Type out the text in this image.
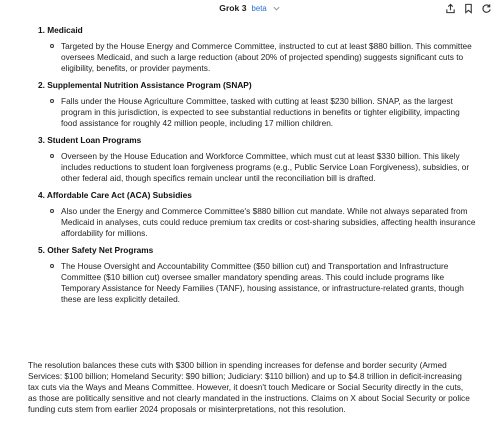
Grok 3 beta
1. Medicaid
Targeted by the House Energy and Commerce Committee, instructed to cut at least $880 billion. This committee oversees Medicaid, and such a large reduction (about 20% of projected spending) suggests significant cuts to eligibility, benefits, or provider payments.
2. Supplemental Nutrition Assistance Program (SNAP)
Falls under the House Agriculture Committee, tasked with cutting at least $230 billion. SNAP, as the largest program in this jurisdiction, is expected to see substantial reductions in benefits or tighter eligibility, impacting food assistance for roughly 42 million people, including 17 million children.
3. Student Loan Programs
Overseen by the House Education and Workforce Committee, which must cut at least $330 billion. This likely includes reductions to student loan forgiveness programs (e.g., Public Service Loan Forgiveness), subsidies, or other federal aid, though specifics remain unclear until the reconciliation bill is drafted.
4. Affordable Care Act (ACA) Subsidies
Also under the Energy and Commerce Committee's $880 billion cut mandate. While not always separated from Medicaid in analyses, cuts could reduce premium tax credits or cost-sharing subsidies, affecting health insurance affordability for millions.
5. Other Safety Net Programs
The House Oversight and Accountability Committee ($50 billion cut) and Transportation and Infrastructure Committee ($10 billion cut) oversee smaller mandatory spending areas. This could include programs like Temporary Assistance for Needy Families (TANF), housing assistance, or infrastructure-related grants, though these are less explicitly detailed.
The resolution balances these cuts with $300 billion in spending increases for defense and border security (Armed Services: $100 billion; Homeland Security: $90 billion; Judiciary: $110 billion) and up to $4.8 trillion in deficit-increasing tax cuts via the Ways and Means Committee. However, it doesn't touch Medicare or Social Security directly in the cuts, as those are politically sensitive and not clearly mandated in the instructions. Claims on X about Social Security or police funding cuts stem from earlier 2024 proposals or misinterpretations, not this resolution.
